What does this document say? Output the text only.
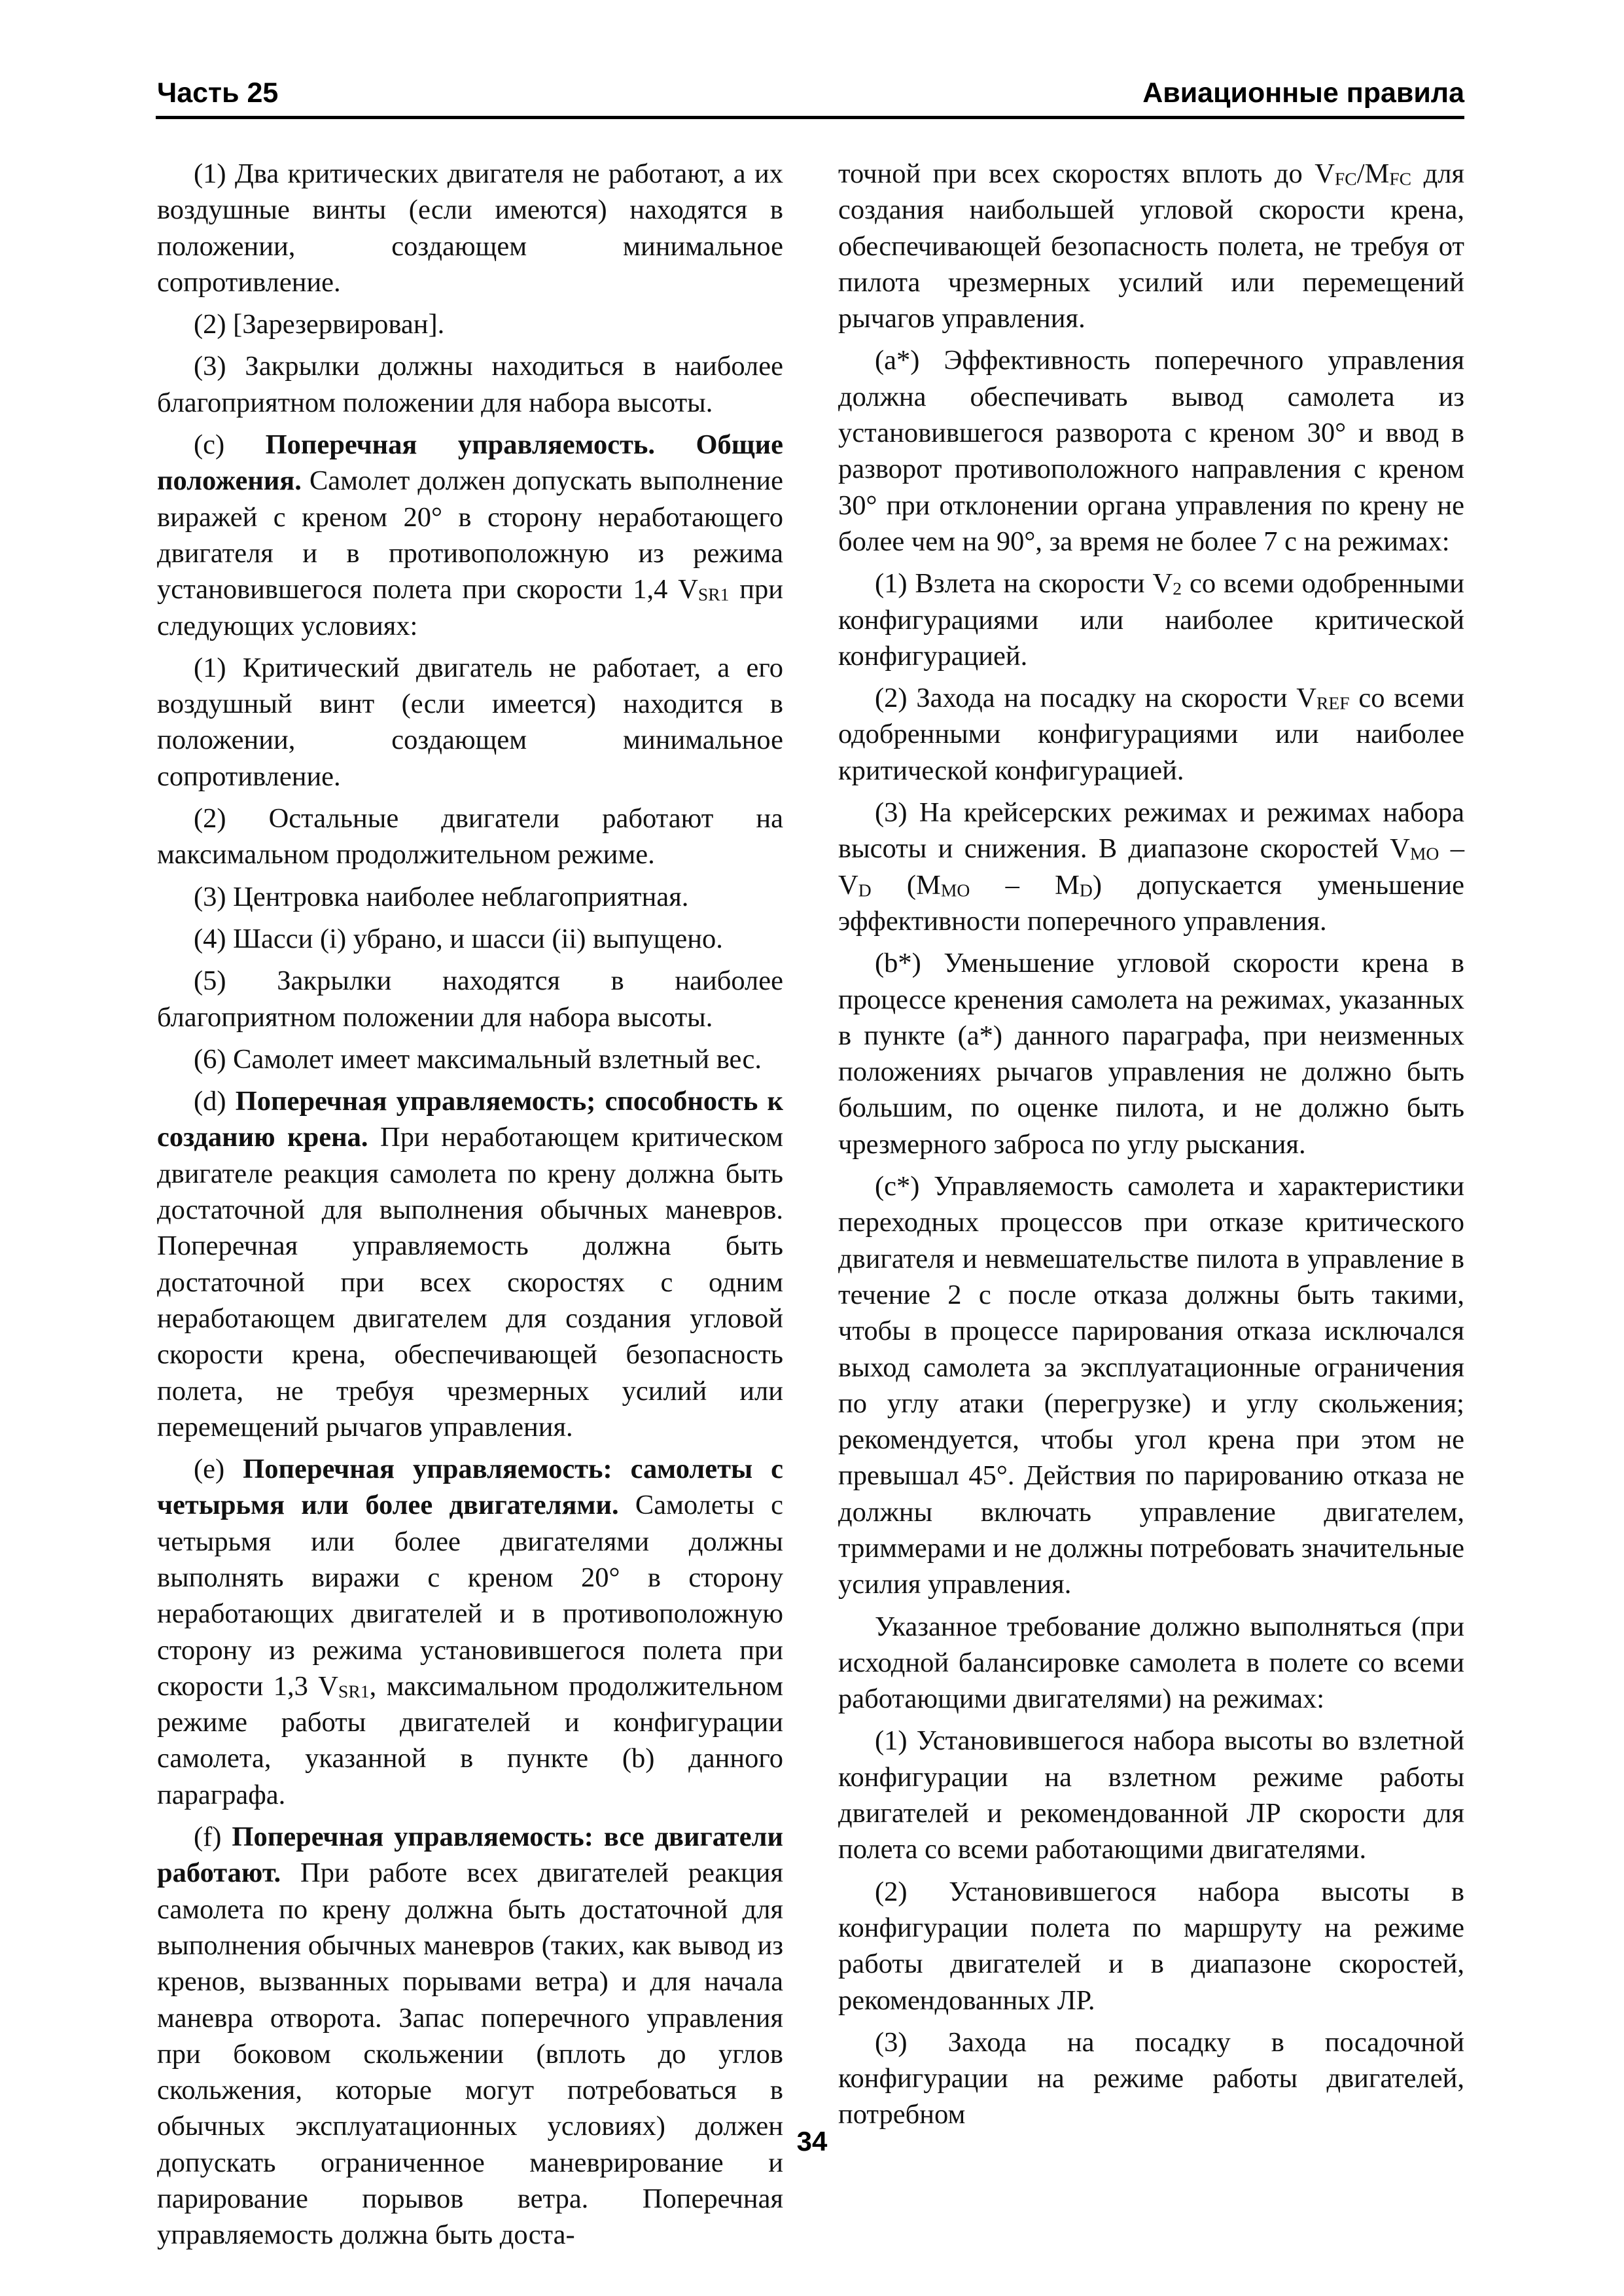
Часть 25	Авиационные правила

(1) Два критических двигателя не работают, а их воздушные винты (если имеются) находятся в положении, создающем минимальное сопротивление.

(2) [Зарезервирован].

(3) Закрылки должны находиться в наиболее благоприятном положении для набора высоты.

(c) Поперечная управляемость. Общие положения. Самолет должен допускать выполнение виражей с креном 20° в сторону неработающего двигателя и в противоположную из режима установившегося полета при скорости 1,4 $V_{SR1}$ при следующих условиях:

(1) Критический двигатель не работает, а его воздушный винт (если имеется) находится в положении, создающем минимальное сопротивление.

(2) Остальные двигатели работают на максимальном продолжительном режиме.

(3) Центровка наиболее неблагоприятная.

(4) Шасси (i) убрано, и шасси (ii) выпущено.

(5) Закрылки находятся в наиболее благоприятном положении для набора высоты.

(6) Самолет имеет максимальный взлетный вес.

(d) Поперечная управляемость; способность к созданию крена. При неработающем критическом двигателе реакция самолета по крену должна быть достаточной для выполнения обычных маневров. Поперечная управляемость должна быть достаточной при всех скоростях с одним неработающем двигателем для создания угловой скорости крена, обеспечивающей безопасность полета, не требуя чрезмерных усилий или перемещений рычагов управления.

(e) Поперечная управляемость: самолеты с четырьмя или более двигателями. Самолеты с четырьмя или более двигателями должны выполнять виражи с креном 20° в сторону неработающих двигателей и в противоположную сторону из режима установившегося полета при скорости 1,3 $V_{SR1}$, максимальном продолжительном режиме работы двигателей и конфигурации самолета, указанной в пункте (b) данного параграфа.

(f) Поперечная управляемость: все двигатели работают. При работе всех двигателей реакция самолета по крену должна быть достаточной для выполнения обычных маневров (таких, как вывод из кренов, вызванных порывами ветра) и для начала маневра отворота. Запас поперечного управления при боковом скольжении (вплоть до углов скольжения, которые могут потребоваться в обычных эксплуатационных условиях) должен допускать ограниченное маневрирование и парирование порывов ветра. Поперечная управляемость должна быть доста-

точной при всех скоростях вплоть до $V_{FC}/M_{FC}$ для создания наибольшей угловой скорости крена, обеспечивающей безопасность полета, не требуя от пилота чрезмерных усилий или перемещений рычагов управления.

(a*) Эффективность поперечного управления должна обеспечивать вывод самолета из установившегося разворота с креном 30° и ввод в разворот противоположного направления с креном 30° при отклонении органа управления по крену не более чем на 90°, за время не более 7 с на режимах:

(1) Взлета на скорости $V_2$ со всеми одобренными конфигурациями или наиболее критической конфигурацией.

(2) Захода на посадку на скорости $V_{REF}$ со всеми одобренными конфигурациями или наиболее критической конфигурацией.

(3) На крейсерских режимах и режимах набора высоты и снижения. В диапазоне скоростей $V_{MO} - V_D$ $(M_{MO} - M_D)$ допускается уменьшение эффективности поперечного управления.

(b*) Уменьшение угловой скорости крена в процессе кренения самолета на режимах, указанных в пункте (a*) данного параграфа, при неизменных положениях рычагов управления не должно быть большим, по оценке пилота, и не должно быть чрезмерного заброса по углу рыскания.

(c*) Управляемость самолета и характеристики переходных процессов при отказе критического двигателя и невмешательстве пилота в управление в течение 2 с после отказа должны быть такими, чтобы в процессе парирования отказа исключался выход самолета за эксплуатационные ограничения по углу атаки (перегрузке) и углу скольжения; рекомендуется, чтобы угол крена при этом не превышал 45°. Действия по парированию отказа не должны включать управление двигателем, триммерами и не должны потребовать значительные усилия управления.

Указанное требование должно выполняться (при исходной балансировке самолета в полете со всеми работающими двигателями) на режимах:

(1) Установившегося набора высоты во взлетной конфигурации на взлетном режиме работы двигателей и рекомендованной ЛР скорости для полета со всеми работающими двигателями.

(2) Установившегося набора высоты в конфигурации полета по маршруту на режиме работы двигателей и в диапазоне скоростей, рекомендованных ЛР.

(3) Захода на посадку в посадочной конфигурации на режиме работы двигателей, потребном

34
